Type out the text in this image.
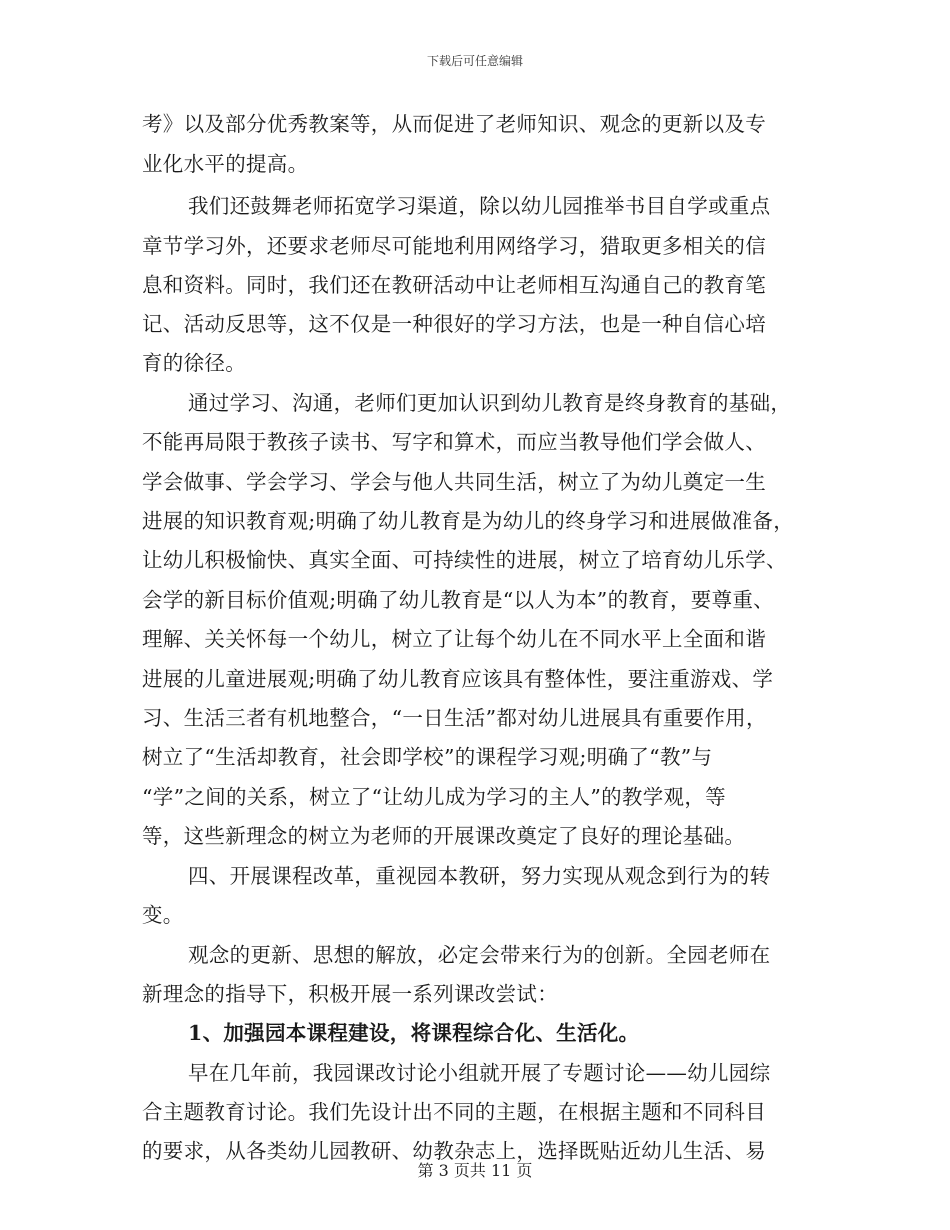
下载后可任意编辑
考》以及部分优秀教案等，从而促进了老师知识、观念的更新以及专
业化水平的提高。
我们还鼓舞老师拓宽学习渠道，除以幼儿园推举书目自学或重点
章节学习外，还要求老师尽可能地利用网络学习，猎取更多相关的信
息和资料。同时，我们还在教研活动中让老师相互沟通自己的教育笔
记、活动反思等，这不仅是一种很好的学习方法，也是一种自信心培
育的徐径。
通过学习、沟通，老师们更加认识到幼儿教育是终身教育的基础，
不能再局限于教孩子读书、写字和算术，而应当教导他们学会做人、
学会做事、学会学习、学会与他人共同生活，树立了为幼儿奠定一生
进展的知识教育观;明确了幼儿教育是为幼儿的终身学习和进展做准备，
让幼儿积极愉快、真实全面、可持续性的进展，树立了培育幼儿乐学、
会学的新目标价值观;明确了幼儿教育是“以人为本”的教育，要尊重、
理解、关关怀每一个幼儿，树立了让每个幼儿在不同水平上全面和谐
进展的儿童进展观;明确了幼儿教育应该具有整体性，要注重游戏、学
习、生活三者有机地整合，“一日生活”都对幼儿进展具有重要作用，
树立了“生活却教育，社会即学校”的课程学习观;明确了“教”与
“学”之间的关系，树立了“让幼儿成为学习的主人”的教学观，等
等，这些新理念的树立为老师的开展课改奠定了良好的理论基础。
四、开展课程改革，重视园本教研，努力实现从观念到行为的转
变。
观念的更新、思想的解放，必定会带来行为的创新。全园老师在
新理念的指导下，积极开展一系列课改尝试：
1、加强园本课程建设，将课程综合化、生活化。
早在几年前，我园课改讨论小组就开展了专题讨论——幼儿园综
合主题教育讨论。我们先设计出不同的主题，在根据主题和不同科目
的要求，从各类幼儿园教研、幼教杂志上，选择既贴近幼儿生活、易
第 3 页共 11 页
